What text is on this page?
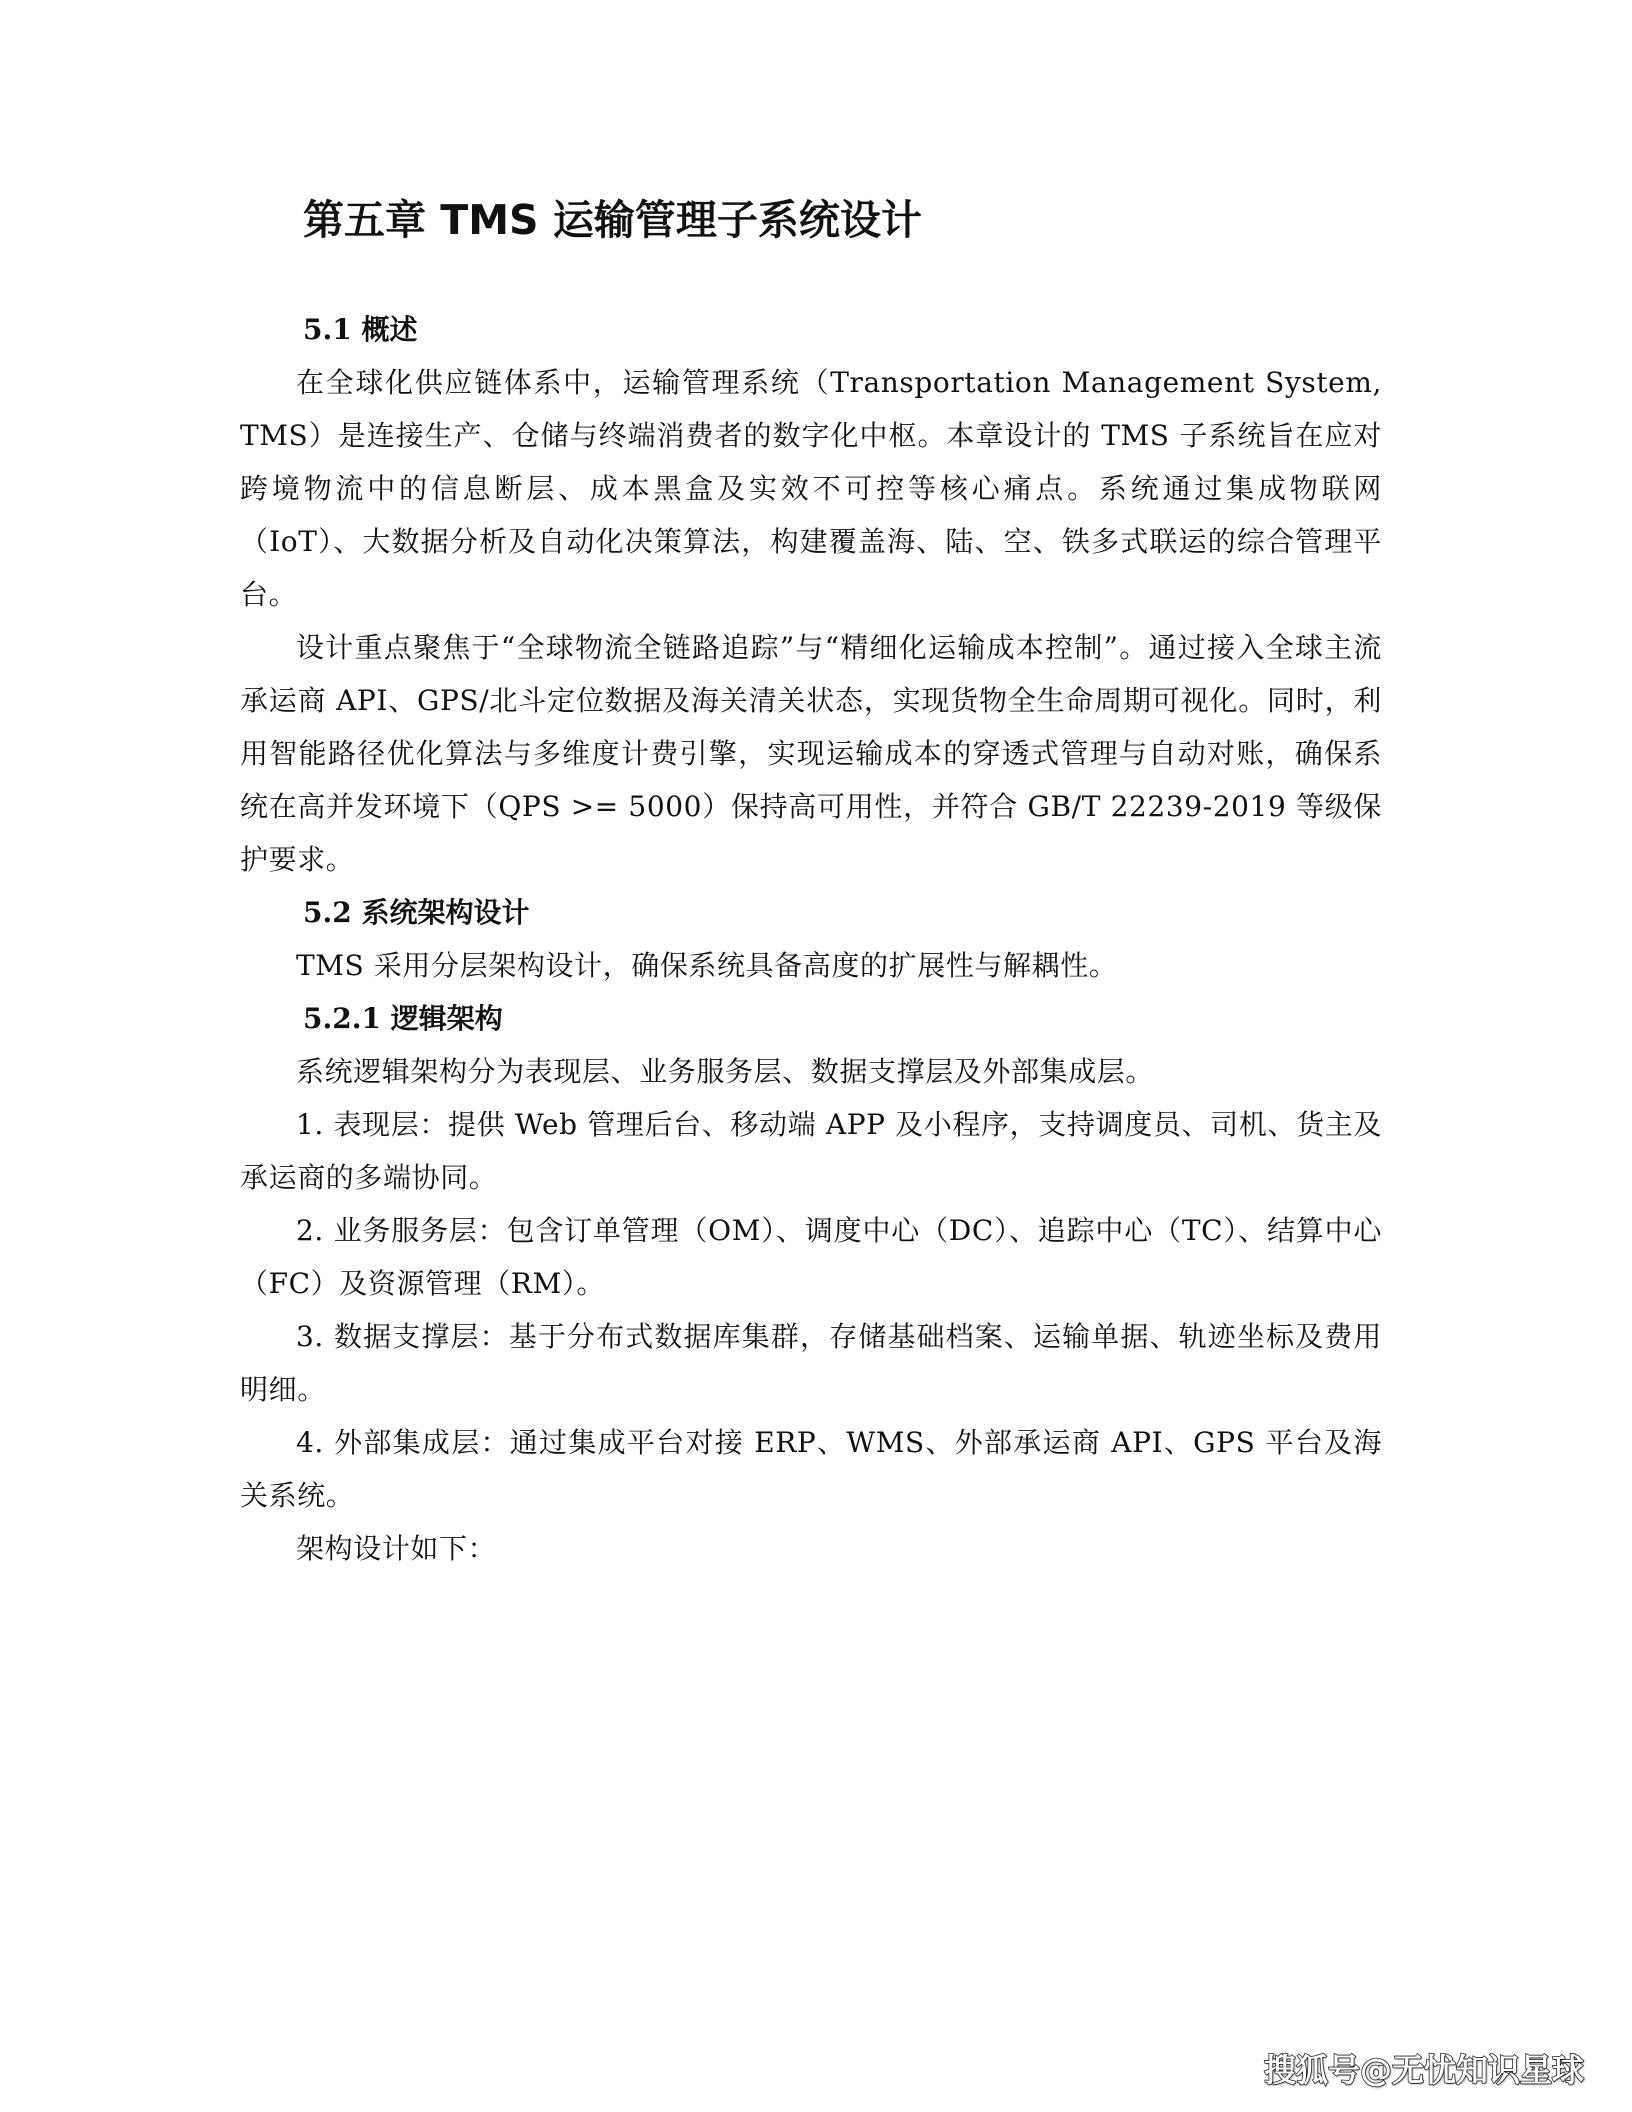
第五章 TMS 运输管理子系统设计
5.1 概述

在全球化供应链体系中，运输管理系统（Transportation Management System, TMS）是连接生产、仓储与终端消费者的数字化中枢。本章设计的 TMS 子系统旨在应对跨境物流中的信息断层、成本黑盒及实效不可控等核心痛点。系统通过集成物联网（IoT）、大数据分析及自动化决策算法，构建覆盖海、陆、空、铁多式联运的综合管理平台。

设计重点聚焦于“全球物流全链路追踪”与“精细化运输成本控制”。通过接入全球主流承运商 API、GPS/北斗定位数据及海关清关状态，实现货物全生命周期可视化。同时，利用智能路径优化算法与多维度计费引擎，实现运输成本的穿透式管理与自动对账，确保系统在高并发环境下（QPS >= 5000）保持高可用性，并符合 GB/T 22239-2019 等级保护要求。

5.2 系统架构设计

TMS 采用分层架构设计，确保系统具备高度的扩展性与解耦性。

5.2.1 逻辑架构

系统逻辑架构分为表现层、业务服务层、数据支撑层及外部集成层。

1. 表现层：提供 Web 管理后台、移动端 APP 及小程序，支持调度员、司机、货主及承运商的多端协同。

2. 业务服务层：包含订单管理（OM）、调度中心（DC）、追踪中心（TC）、结算中心（FC）及资源管理（RM）。

3. 数据支撑层：基于分布式数据库集群，存储基础档案、运输单据、轨迹坐标及费用明细。

4. 外部集成层：通过集成平台对接 ERP、WMS、外部承运商 API、GPS 平台及海关系统。

架构设计如下：

搜狐号@无忧知识星球
